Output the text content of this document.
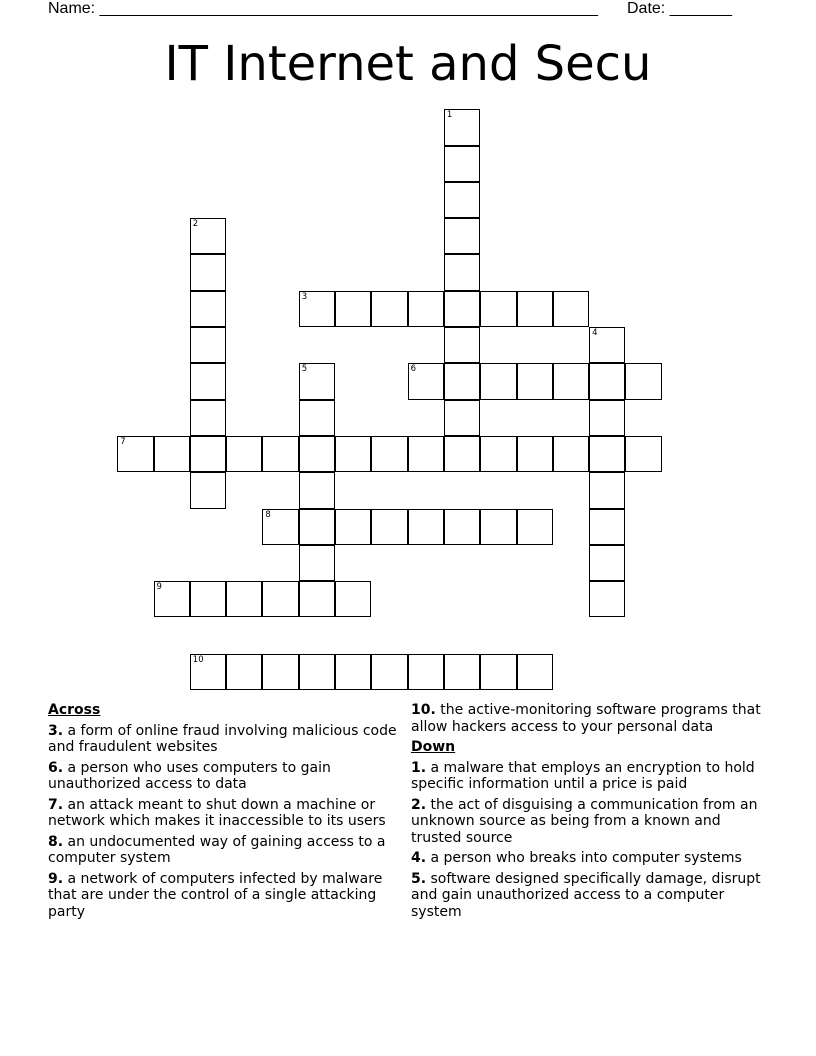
Name: ________________________________________________________ Date: _______
IT Internet and Secu
1
2
3
4
5	6
7
8
9
10
Across
3. a form of online fraud involving malicious code and fraudulent websites
6. a person who uses computers to gain unauthorized access to data
7. an attack meant to shut down a machine or network which makes it inaccessible to its users
8. an undocumented way of gaining access to a computer system
9. a network of computers infected by malware that are under the control of a single attacking party
10. the active-monitoring software programs that allow hackers access to your personal data
Down
1. a malware that employs an encryption to hold specific information until a price is paid
2. the act of disguising a communication from an unknown source as being from a known and trusted source
4. a person who breaks into computer systems
5. software designed specifically damage, disrupt and gain unauthorized access to a computer system
